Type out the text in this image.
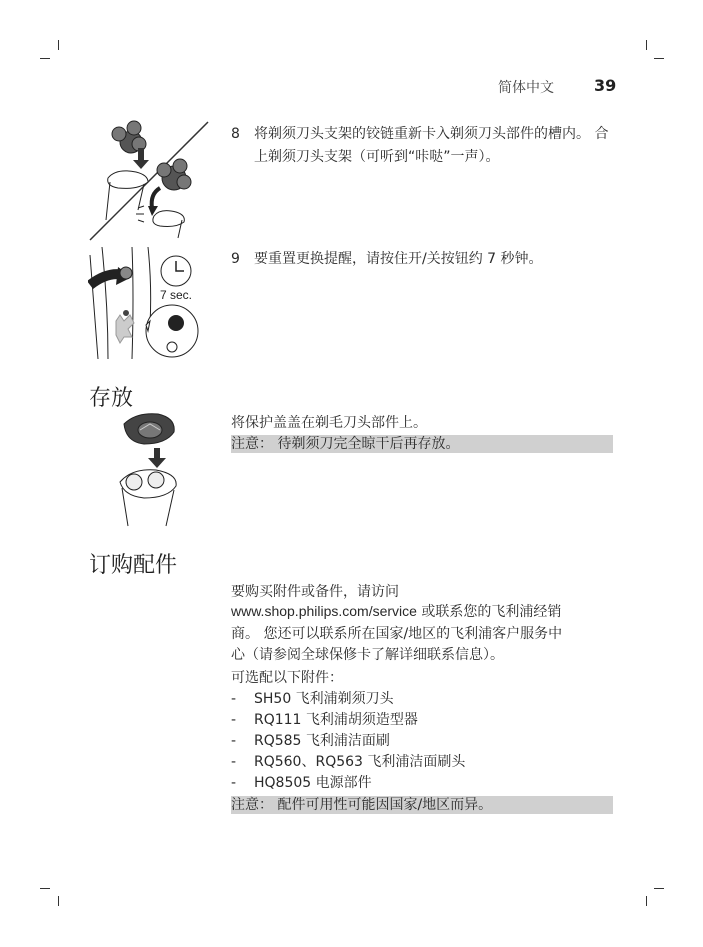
简体中文	39
8 将剃须刀头支架的铰链重新卡入剃须刀头部件的槽内。 合上剃须刀头支架（可听到“咔哒”一声）。
7 sec.
9 要重置更换提醒，请按住开/关按钮约 7 秒钟。
存放
将保护盖盖在剃毛刀头部件上。
注意： 待剃须刀完全晾干后再存放。
订购配件
要购买附件或备件，请访问
www.shop.philips.com/service 或联系您的飞利浦经销
商。 您还可以联系所在国家/地区的飞利浦客户服务中
心（请参阅全球保修卡了解详细联系信息）。
可选配以下附件：
- SH50 飞利浦剃须刀头
- RQ111 飞利浦胡须造型器
- RQ585 飞利浦洁面刷
- RQ560、RQ563 飞利浦洁面刷头
- HQ8505 电源部件
注意： 配件可用性可能因国家/地区而异。
